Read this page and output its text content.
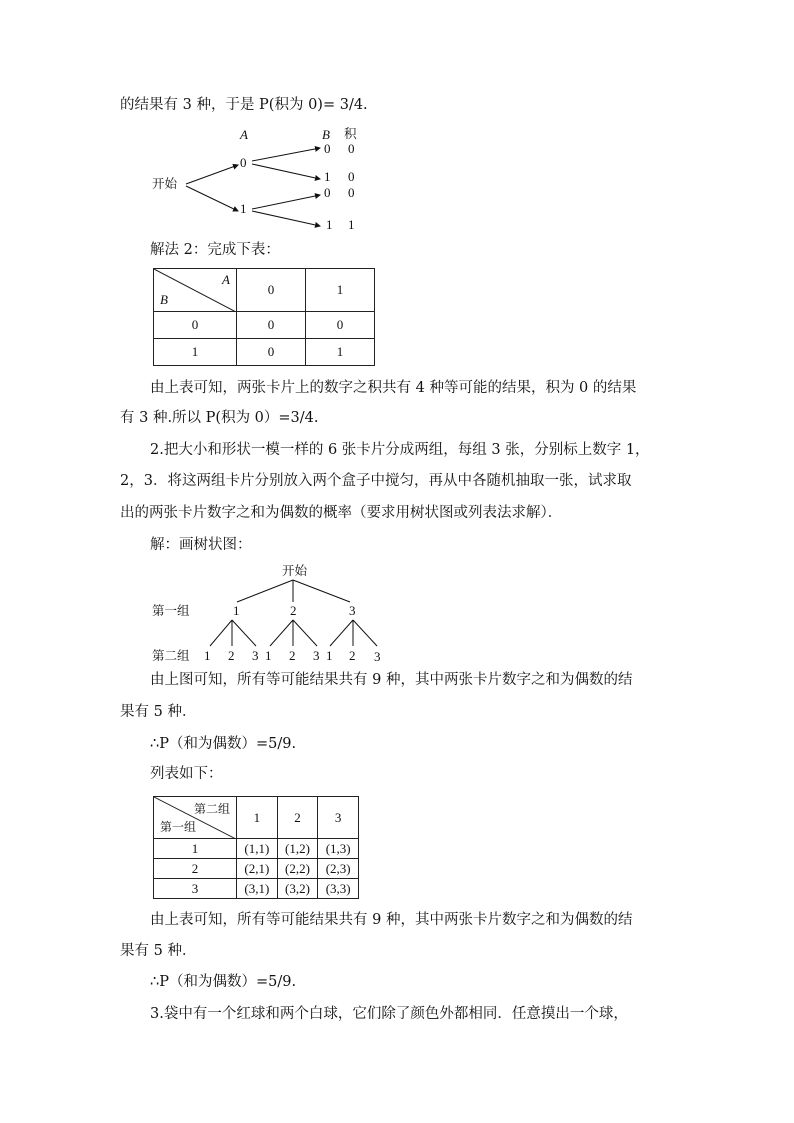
的结果有 3 种，于是 P(积为 0)= 3/4.
A	B 积
开始
0
1
0 0
1 0
0 0
1 1
解法 2：完成下表：
A
B	0	1
0	0	0
1	0	1
由上表可知，两张卡片上的数字之积共有 4 种等可能的结果，积为 0 的结果
有 3 种.所以 P(积为 0）=3/4.
2.把大小和形状一模一样的 6 张卡片分成两组，每组 3 张，分别标上数字 1，
2，3．将这两组卡片分别放入两个盒子中搅匀，再从中各随机抽取一张，试求取
出的两张卡片数字之和为偶数的概率（要求用树状图或列表法求解）．
解：画树状图：
开始
第一组
第二组
1	2	3
1 2 3 1 2 3 1 2 3
由上图可知，所有等可能结果共有 9 种，其中两张卡片数字之和为偶数的结
果有 5 种．
∴P（和为偶数）=5/9.
列表如下：
第二组
第一组	1	2	3
1	(1,1)	(1,2)	(1,3)
2	(2,1)	(2,2)	(2,3)
3	(3,1)	(3,2)	(3,3)
由上表可知，所有等可能结果共有 9 种，其中两张卡片数字之和为偶数的结
果有 5 种．
∴P（和为偶数）=5/9.
3.袋中有一个红球和两个白球，它们除了颜色外都相同．任意摸出一个球，
